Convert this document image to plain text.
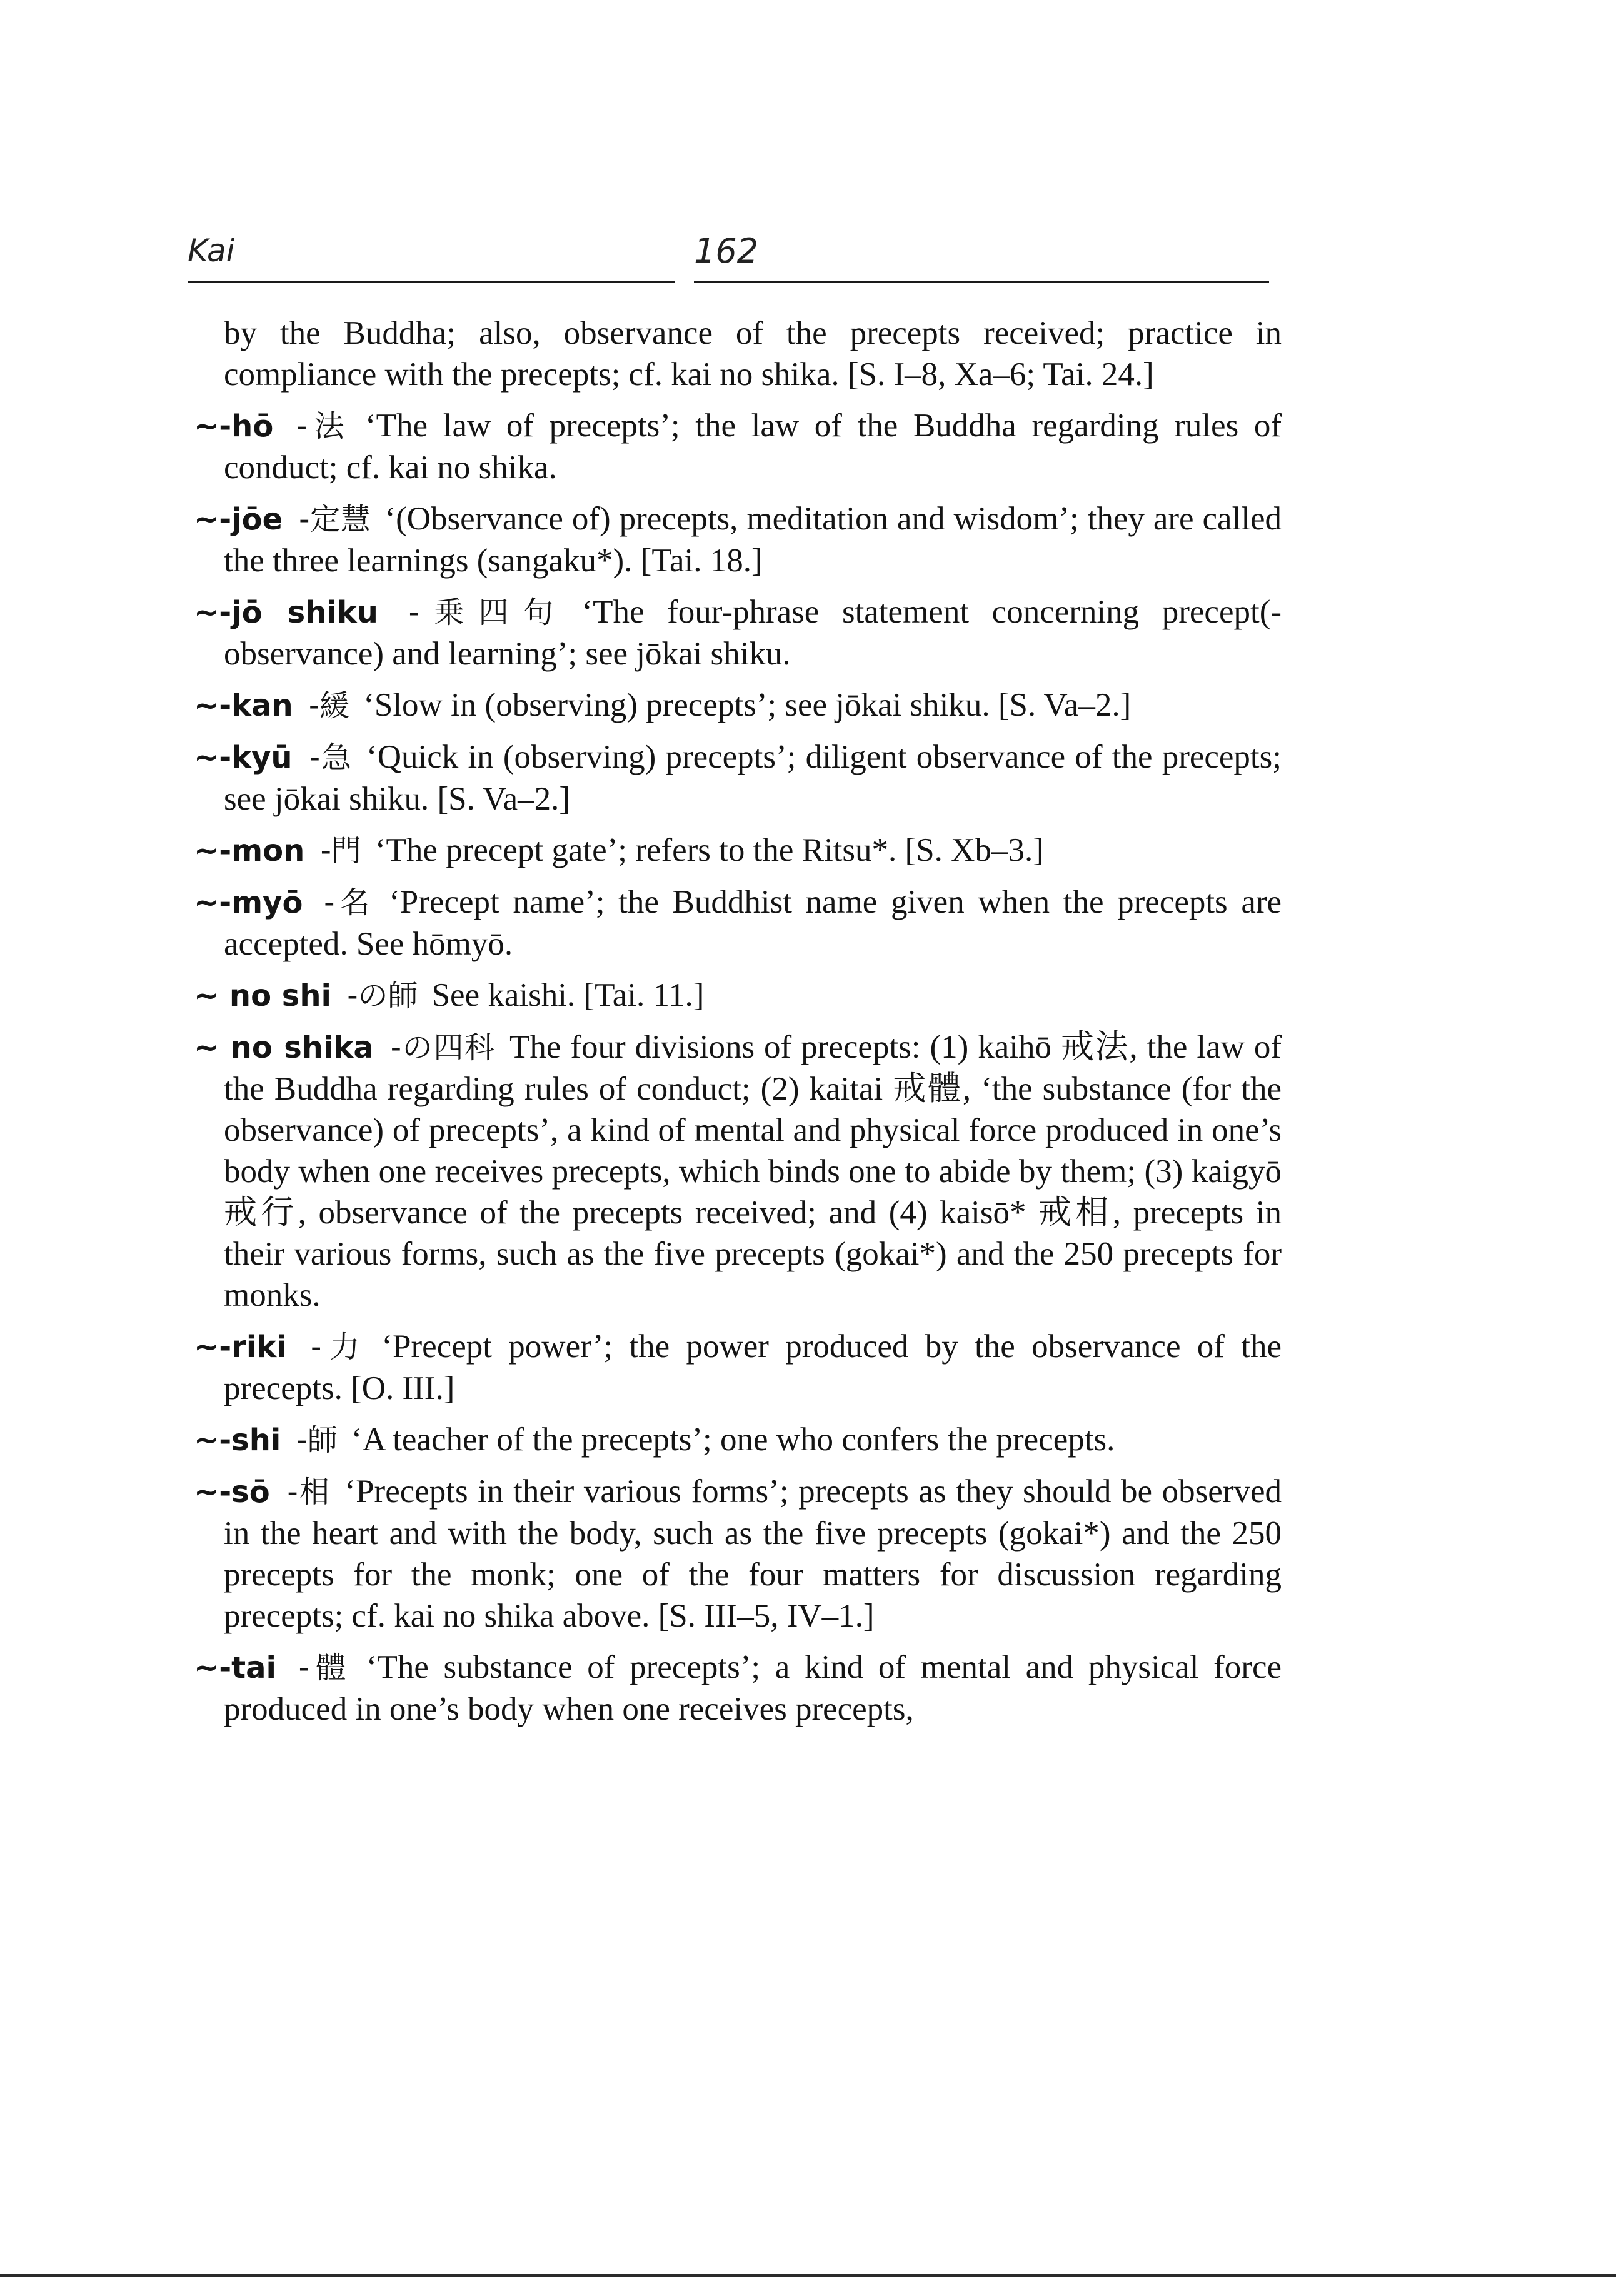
Kai	162

by the Buddha; also, observance of the precepts received; practice in compliance with the precepts; cf. kai no shika. [S. I–8, Xa–6; Tai. 24.]

~-hō -法 ‘The law of precepts’; the law of the Buddha regarding rules of conduct; cf. kai no shika.

~-jōe -定慧 ‘(Observance of) precepts, meditation and wisdom’; they are called the three learnings (sangaku*). [Tai. 18.]

~-jō shiku -乗四句 ‘The four-phrase statement concerning precept(-observance) and learning’; see jōkai shiku.

~-kan -緩 ‘Slow in (observing) precepts’; see jōkai shiku. [S. Va–2.]

~-kyū -急 ‘Quick in (observing) precepts’; diligent observance of the precepts; see jōkai shiku. [S. Va–2.]

~-mon -門 ‘The precept gate’; refers to the Ritsu*. [S. Xb–3.]

~-myō -名 ‘Precept name’; the Buddhist name given when the precepts are accepted. See hōmyō.

~ no shi -の師 See kaishi. [Tai. 11.]

~ no shika -の四科 The four divisions of precepts: (1) kaihō 戒法, the law of the Buddha regarding rules of conduct; (2) kaitai 戒體, ‘the substance (for the observance) of precepts’, a kind of mental and physical force produced in one’s body when one receives precepts, which binds one to abide by them; (3) kaigyō 戒行, observance of the precepts received; and (4) kaisō* 戒相, precepts in their various forms, such as the five precepts (gokai*) and the 250 precepts for monks.

~-riki -力 ‘Precept power’; the power produced by the observance of the precepts. [O. III.]

~-shi -師 ‘A teacher of the precepts’; one who confers the precepts.

~-sō -相 ‘Precepts in their various forms’; precepts as they should be observed in the heart and with the body, such as the five precepts (gokai*) and the 250 precepts for the monk; one of the four matters for discussion regarding precepts; cf. kai no shika above. [S. III–5, IV–1.]

~-tai -體 ‘The substance of precepts’; a kind of mental and physical force produced in one’s body when one receives precepts,
